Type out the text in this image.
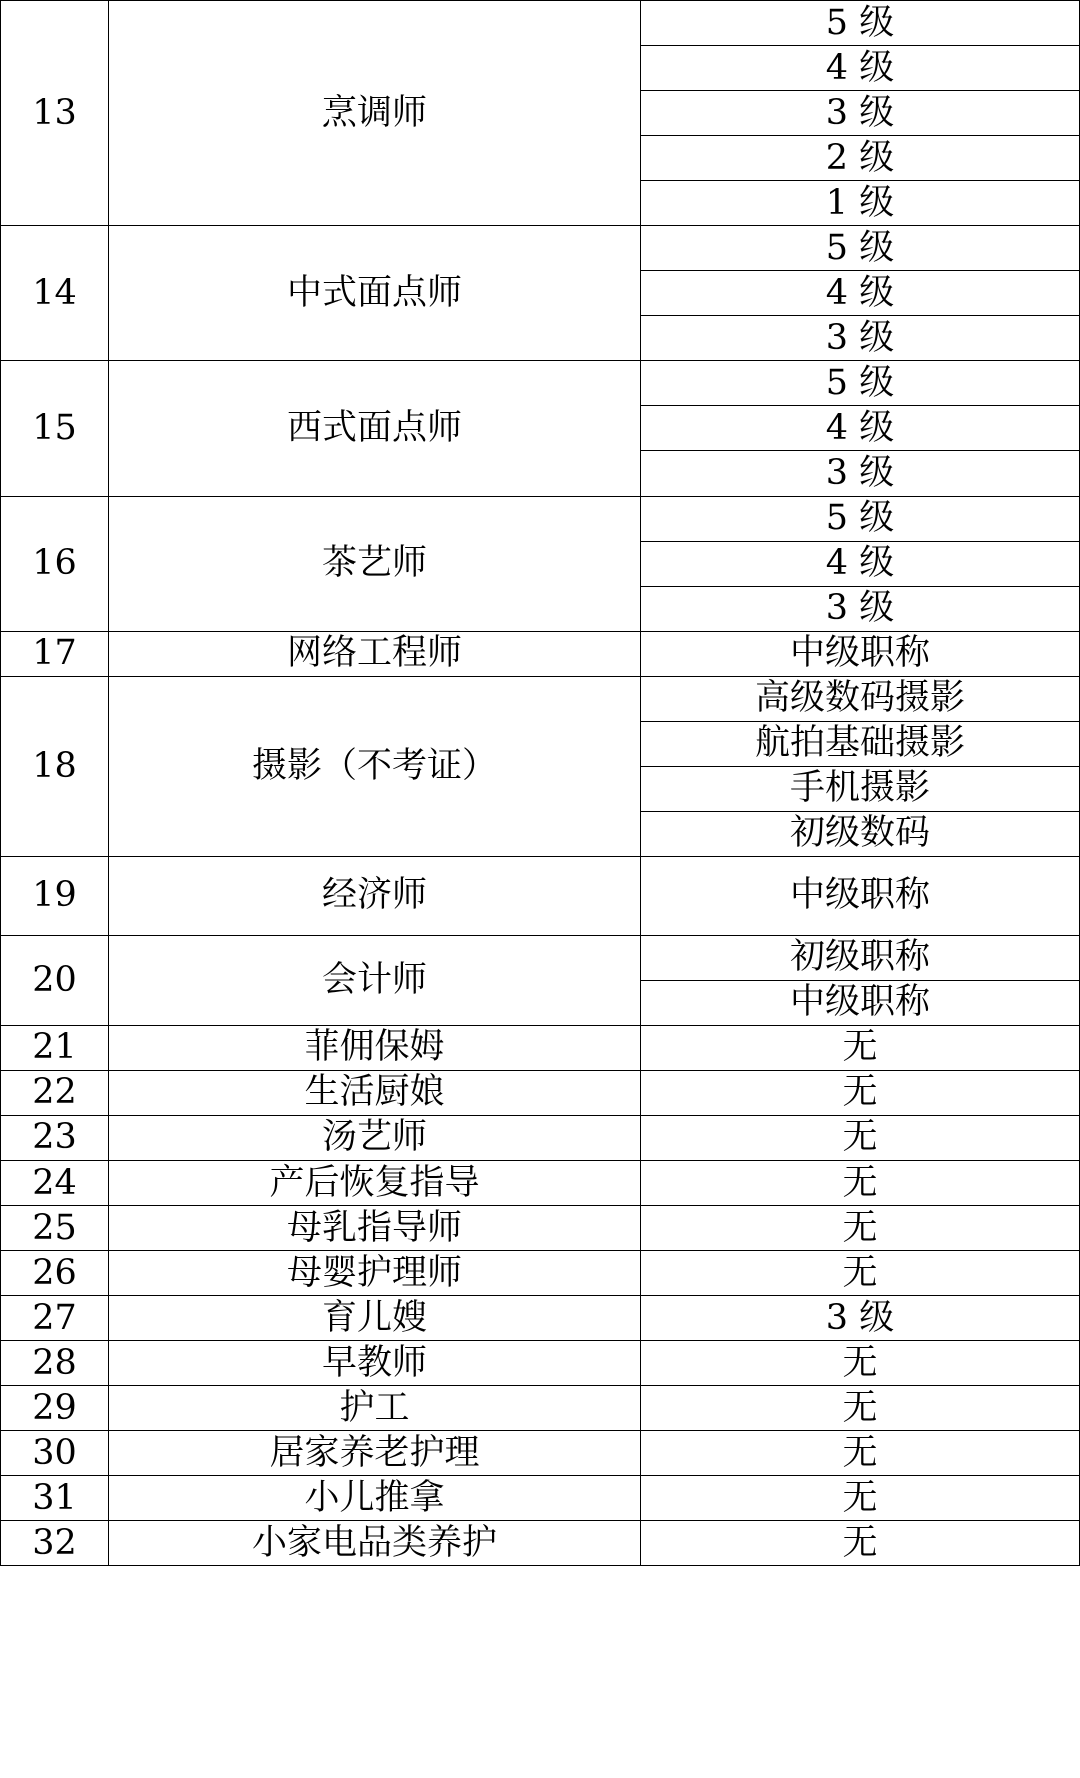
13	烹调师	5 级
		4 级
		3 级
		2 级
		1 级
14	中式面点师	5 级
		4 级
		3 级
15	西式面点师	5 级
		4 级
		3 级
16	茶艺师	5 级
		4 级
		3 级
17	网络工程师	中级职称
18	摄影（不考证）	高级数码摄影
		航拍基础摄影
		手机摄影
		初级数码
19	经济师	中级职称
20	会计师	初级职称
		中级职称
21	菲佣保姆	无
22	生活厨娘	无
23	汤艺师	无
24	产后恢复指导	无
25	母乳指导师	无
26	母婴护理师	无
27	育儿嫂	3 级
28	早教师	无
29	护工	无
30	居家养老护理	无
31	小儿推拿	无
32	小家电品类养护	无
